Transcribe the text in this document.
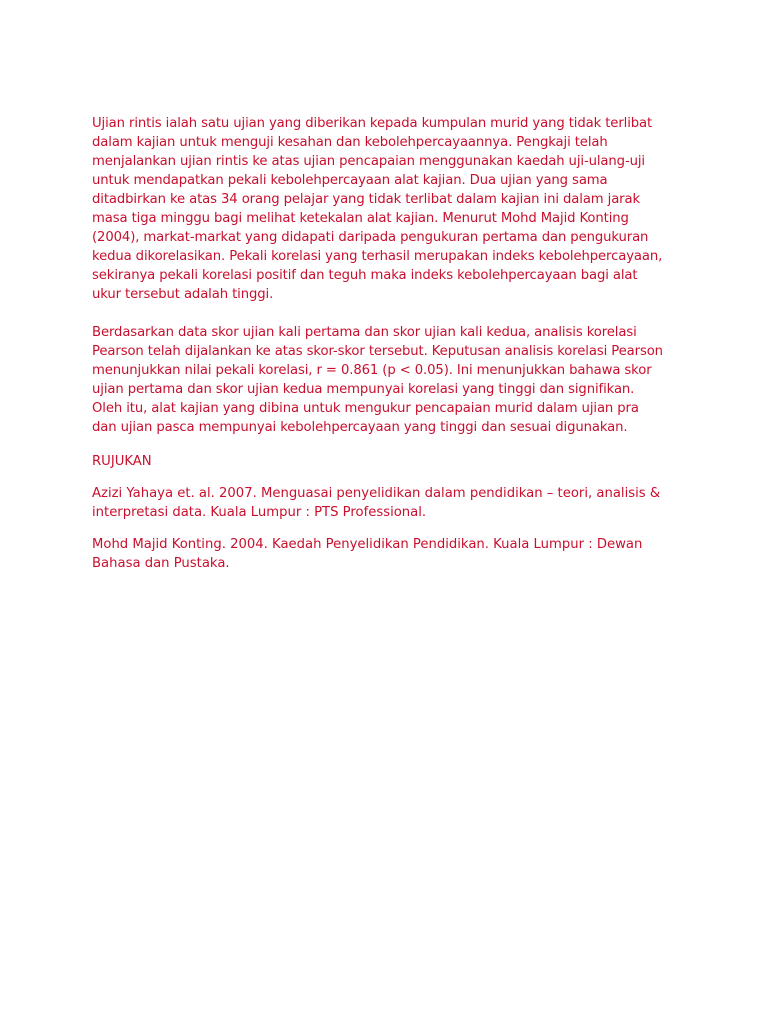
Ujian rintis ialah satu ujian yang diberikan kepada kumpulan murid yang tidak terlibat
dalam kajian untuk menguji kesahan dan kebolehpercayaannya. Pengkaji telah
menjalankan ujian rintis ke atas ujian pencapaian menggunakan kaedah uji-ulang-uji
untuk mendapatkan pekali kebolehpercayaan alat kajian. Dua ujian yang sama
ditadbirkan ke atas 34 orang pelajar yang tidak terlibat dalam kajian ini dalam jarak
masa tiga minggu bagi melihat ketekalan alat kajian. Menurut Mohd Majid Konting
(2004), markat-markat yang didapati daripada pengukuran pertama dan pengukuran
kedua dikorelasikan. Pekali korelasi yang terhasil merupakan indeks kebolehpercayaan,
sekiranya pekali korelasi positif dan teguh maka indeks kebolehpercayaan bagi alat
ukur tersebut adalah tinggi.

Berdasarkan data skor ujian kali pertama dan skor ujian kali kedua, analisis korelasi
Pearson telah dijalankan ke atas skor-skor tersebut. Keputusan analisis korelasi Pearson
menunjukkan nilai pekali korelasi, r = 0.861 (p < 0.05). Ini menunjukkan bahawa skor
ujian pertama dan skor ujian kedua mempunyai korelasi yang tinggi dan signifikan.
Oleh itu, alat kajian yang dibina untuk mengukur pencapaian murid dalam ujian pra
dan ujian pasca mempunyai kebolehpercayaan yang tinggi dan sesuai digunakan.

RUJUKAN

Azizi Yahaya et. al. 2007. Menguasai penyelidikan dalam pendidikan – teori, analisis &
interpretasi data. Kuala Lumpur : PTS Professional.

Mohd Majid Konting. 2004. Kaedah Penyelidikan Pendidikan. Kuala Lumpur : Dewan
Bahasa dan Pustaka.
